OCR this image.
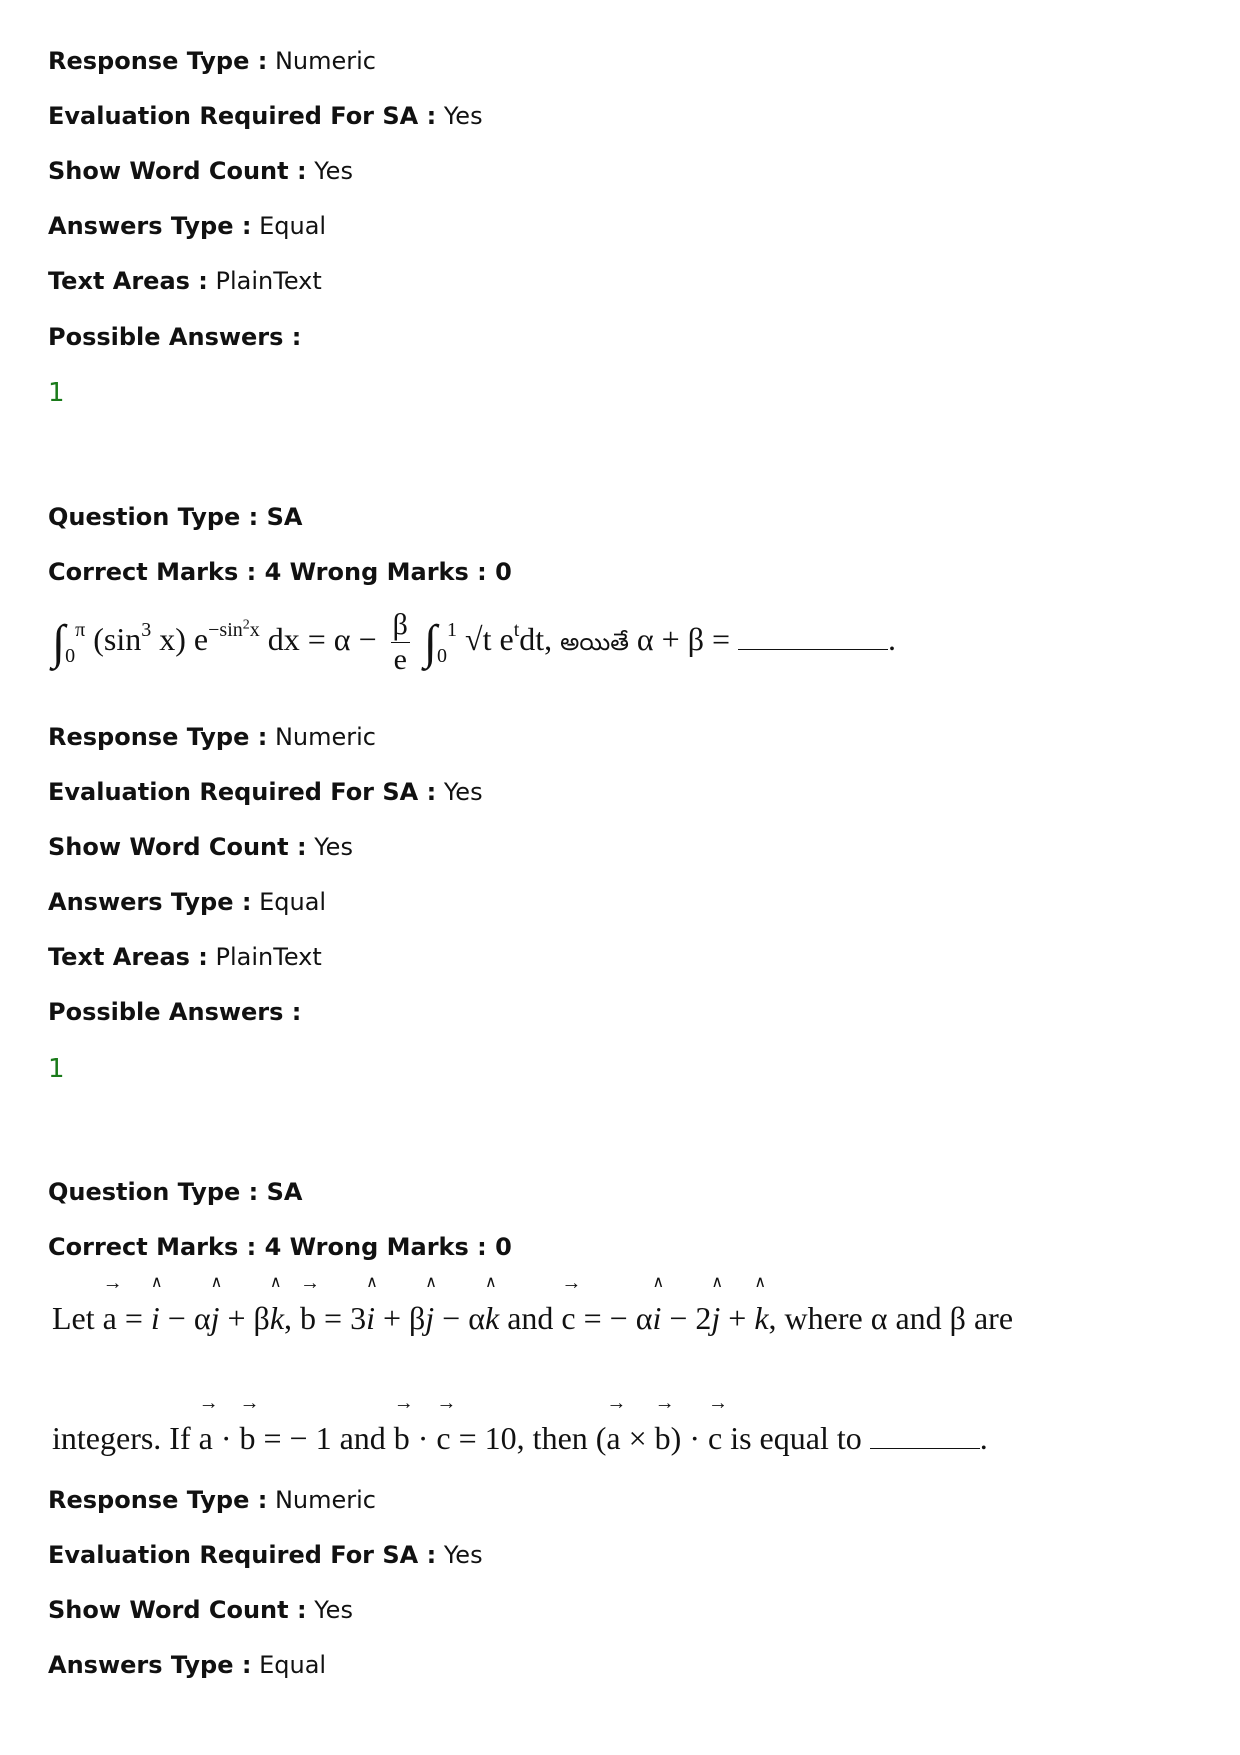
Response Type : Numeric
Evaluation Required For SA : Yes
Show Word Count : Yes
Answers Type : Equal
Text Areas : PlainText
Possible Answers :
1
Question Type : SA
Correct Marks : 4 Wrong Marks : 0
$\int_0^\pi$ ($\sin^3$ x) $e^{-sin^2x}$ dx = $\alpha - \frac{\beta}{e} \int_0^1$ √t $e^tdt$, అయితే α + β =	.
Response Type : Numeric
Evaluation Required For SA : Yes
Show Word Count : Yes
Answers Type : Equal
Text Areas : PlainText
Possible Answers :
1
Question Type : SA
Correct Marks : 4 Wrong Marks : 0
Let → a = ∧ i − α∧ j + β∧ k, → b = 3∧ i + β∧ j − α∧ k and → c = − α∧ i − 2∧ j + ∧ k, where α and β are
integers. If → a · → b = − 1 and → b · → c = 10, then (→ a × → b) · → c is equal to	.
Response Type : Numeric
Evaluation Required For SA : Yes
Show Word Count : Yes
Answers Type : Equal
